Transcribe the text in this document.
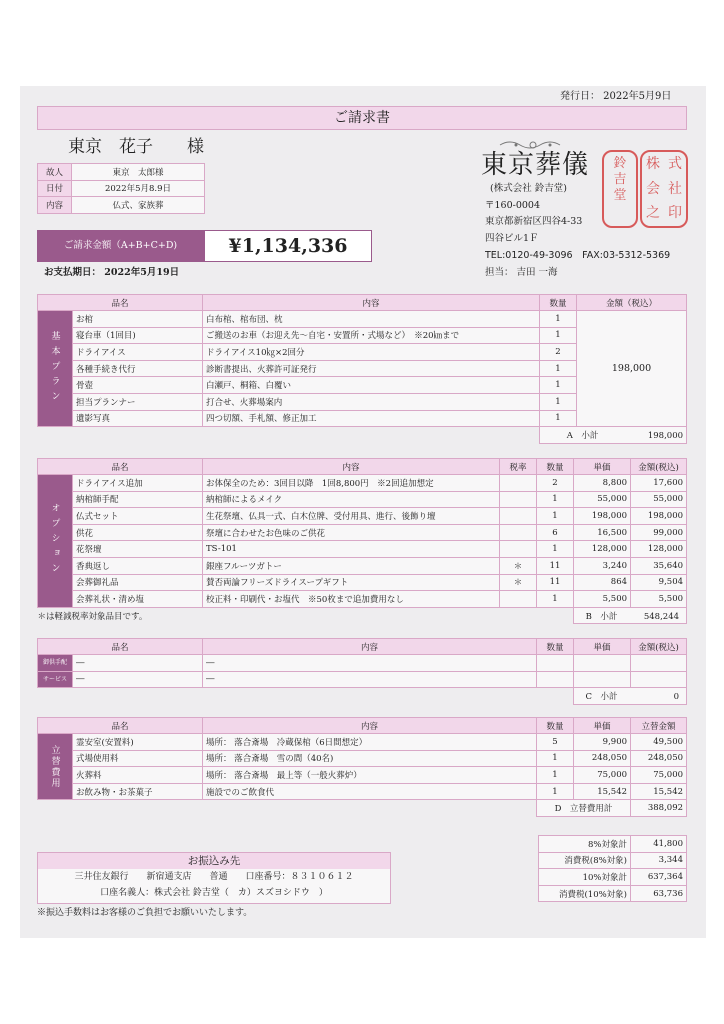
発行日： 2022年5月9日
ご請求書
東京　花子　　様
故人	東京　太郎様
日付	2022年5月8.9日
内容	仏式、家族葬
ご請求金額（A+B+C+D)	¥1,134,336
お支払期日： 2022年5月19日
東京葬儀
(株式会社 鈴吉堂)
〒160-0004
東京都新宿区四谷4-33
四谷ビル1Ｆ
TEL:0120-49-3096　FAX:03-5312-5369
担当： 吉田 一海
鈴
吉
堂
株 式
会 社
之 印
品名		内容	数量	金額（税込）
基本プラン	お棺	白布棺、棺布団、枕	1	198,000
	寝台車（1回目)	ご搬送のお車（お迎え先～自宅・安置所・式場など）　※20㎞まで	1	
	ドライアイス	ドライアイス10㎏×2回分	2	
	各種手続き代行	診断書提出、火葬許可証発行	1	
	骨壺	白瀬戸、桐箱、白覆い	1	
	担当プランナー	打合せ、火葬場案内	1	
	遺影写真	四つ切額、手札額、修正加工	1	
			A　小計 198,000	
品名		内容	税率	数量	単価	金額(税込)
オプション	ドライアイス追加	お体保全のため：3回目以降　1回8,800円　※2回追加想定		2	8,800	17,600
	納棺師手配	納棺師によるメイク		1	55,000	55,000
	仏式セット	生花祭壇、仏具一式、白木位牌、受付用具、進行、後飾り壇		1	198,000	198,000
	供花	祭壇に合わせたお色味のご供花		6	16,500	99,000
	花祭壇	TS-101		1	128,000	128,000
	香典返し	銀座フルーツガトー	＊	11	3,240	35,640
	会葬御礼品	賛否両論フリーズドライスープギフト	＊	11	864	9,504
	会葬礼状・清め塩	校正料・印刷代・お塩代　※50枚まで追加費用なし		1	5,500	5,500
＊は軽減税率対象品目です。					B　小計 548,244	
品名		内容	数量	単価	金額(税込)
御供手配	―	―			
サービス	―	―			
				C　小計 0	
品名		内容	数量	単価	立替金額
立替費用	霊安室(安置料)	場所： 落合斎場　冷蔵保棺（6日間想定）	5	9,900	49,500
	式場使用料	場所： 落合斎場　雪の間（40名)	1	248,050	248,050
	火葬料	場所： 落合斎場　最上等（一般火葬炉）	1	75,000	75,000
	お飲み物・お茶菓子	施設でのご飲食代	1	15,542	15,542
			D　立替費用計		388,092
8%対象計	41,800
消費税(8%対象)	3,344
10%対象計	637,364
消費税(10%対象)	63,736
お振込み先
三井住友銀行　　新宿通支店　　普通　　口座番号：８３１０６１２
口座名義人：株式会社 鈴吉堂（　カ）スズヨシドウ　）
※振込手数料はお客様のご負担でお願いいたします。
